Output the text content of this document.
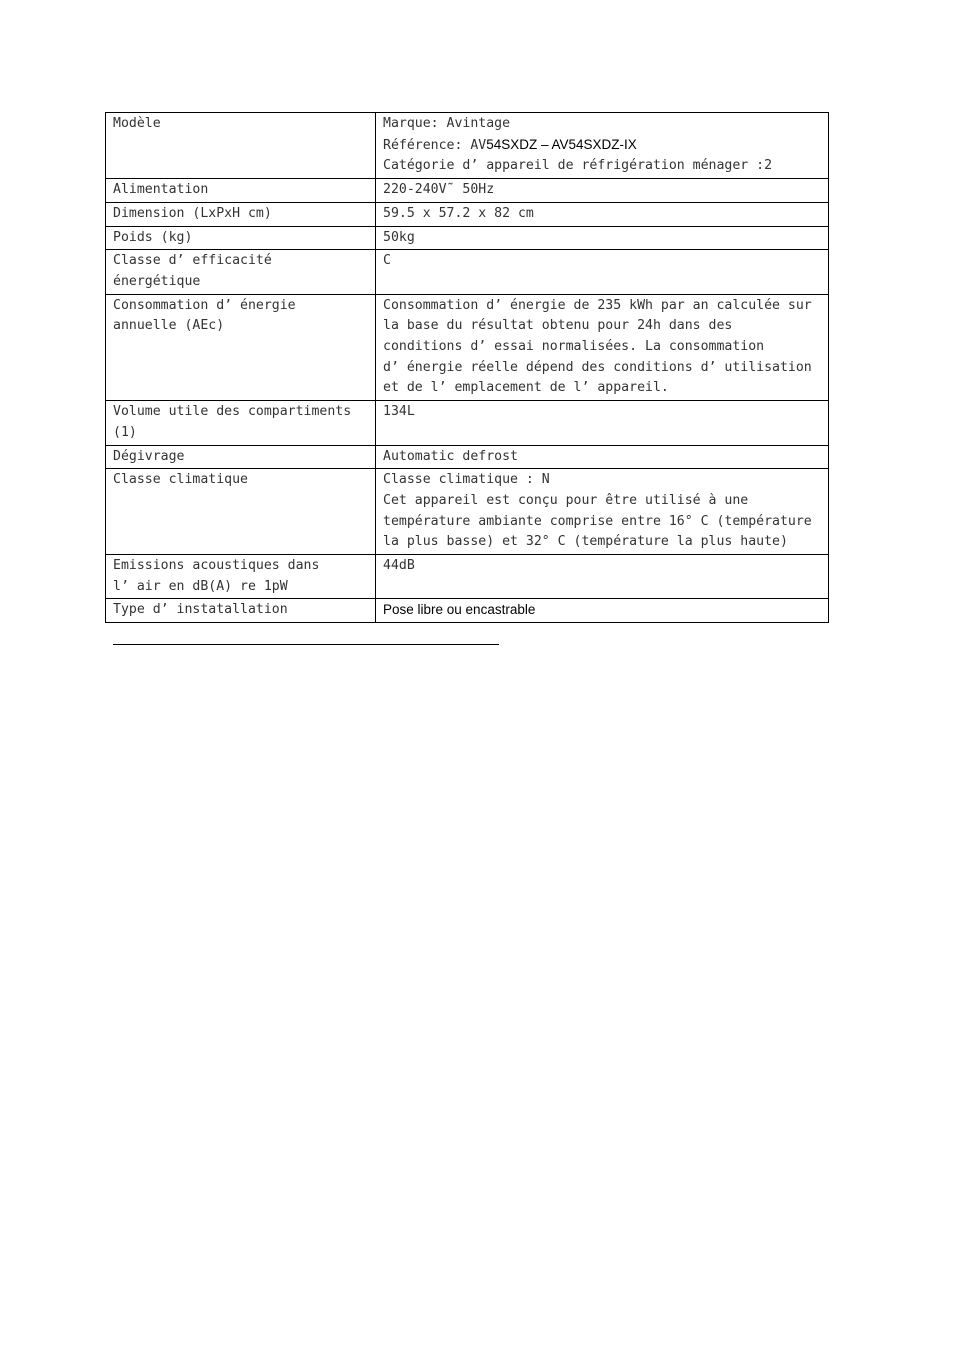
Modèle	Marque: Avintage
Référence: AV54SXDZ – AV54SXDZ-IX
Catégorie d’ appareil de réfrigération ménager :2

Alimentation	220-240V˜ 50Hz

Dimension (LxPxH cm)	59.5 x 57.2 x 82 cm

Poids (kg)	50kg

Classe d’ efficacité
énergétique	C

Consommation d’ énergie
annuelle (AEc)	Consommation d’ énergie de 235 kWh par an calculée sur
la base du résultat obtenu pour 24h dans des
conditions d’ essai normalisées. La consommation
d’ énergie réelle dépend des conditions d’ utilisation
et de l’ emplacement de l’ appareil.

Volume utile des compartiments
(1)	134L

Dégivrage	Automatic defrost

Classe climatique	Classe climatique : N
Cet appareil est conçu pour être utilisé à une
température ambiante comprise entre 16° C (température
la plus basse) et 32° C (température la plus haute)

Emissions acoustiques dans
l’ air en dB(A) re 1pW	44dB

Type d’ instatallation	Pose libre ou encastrable
